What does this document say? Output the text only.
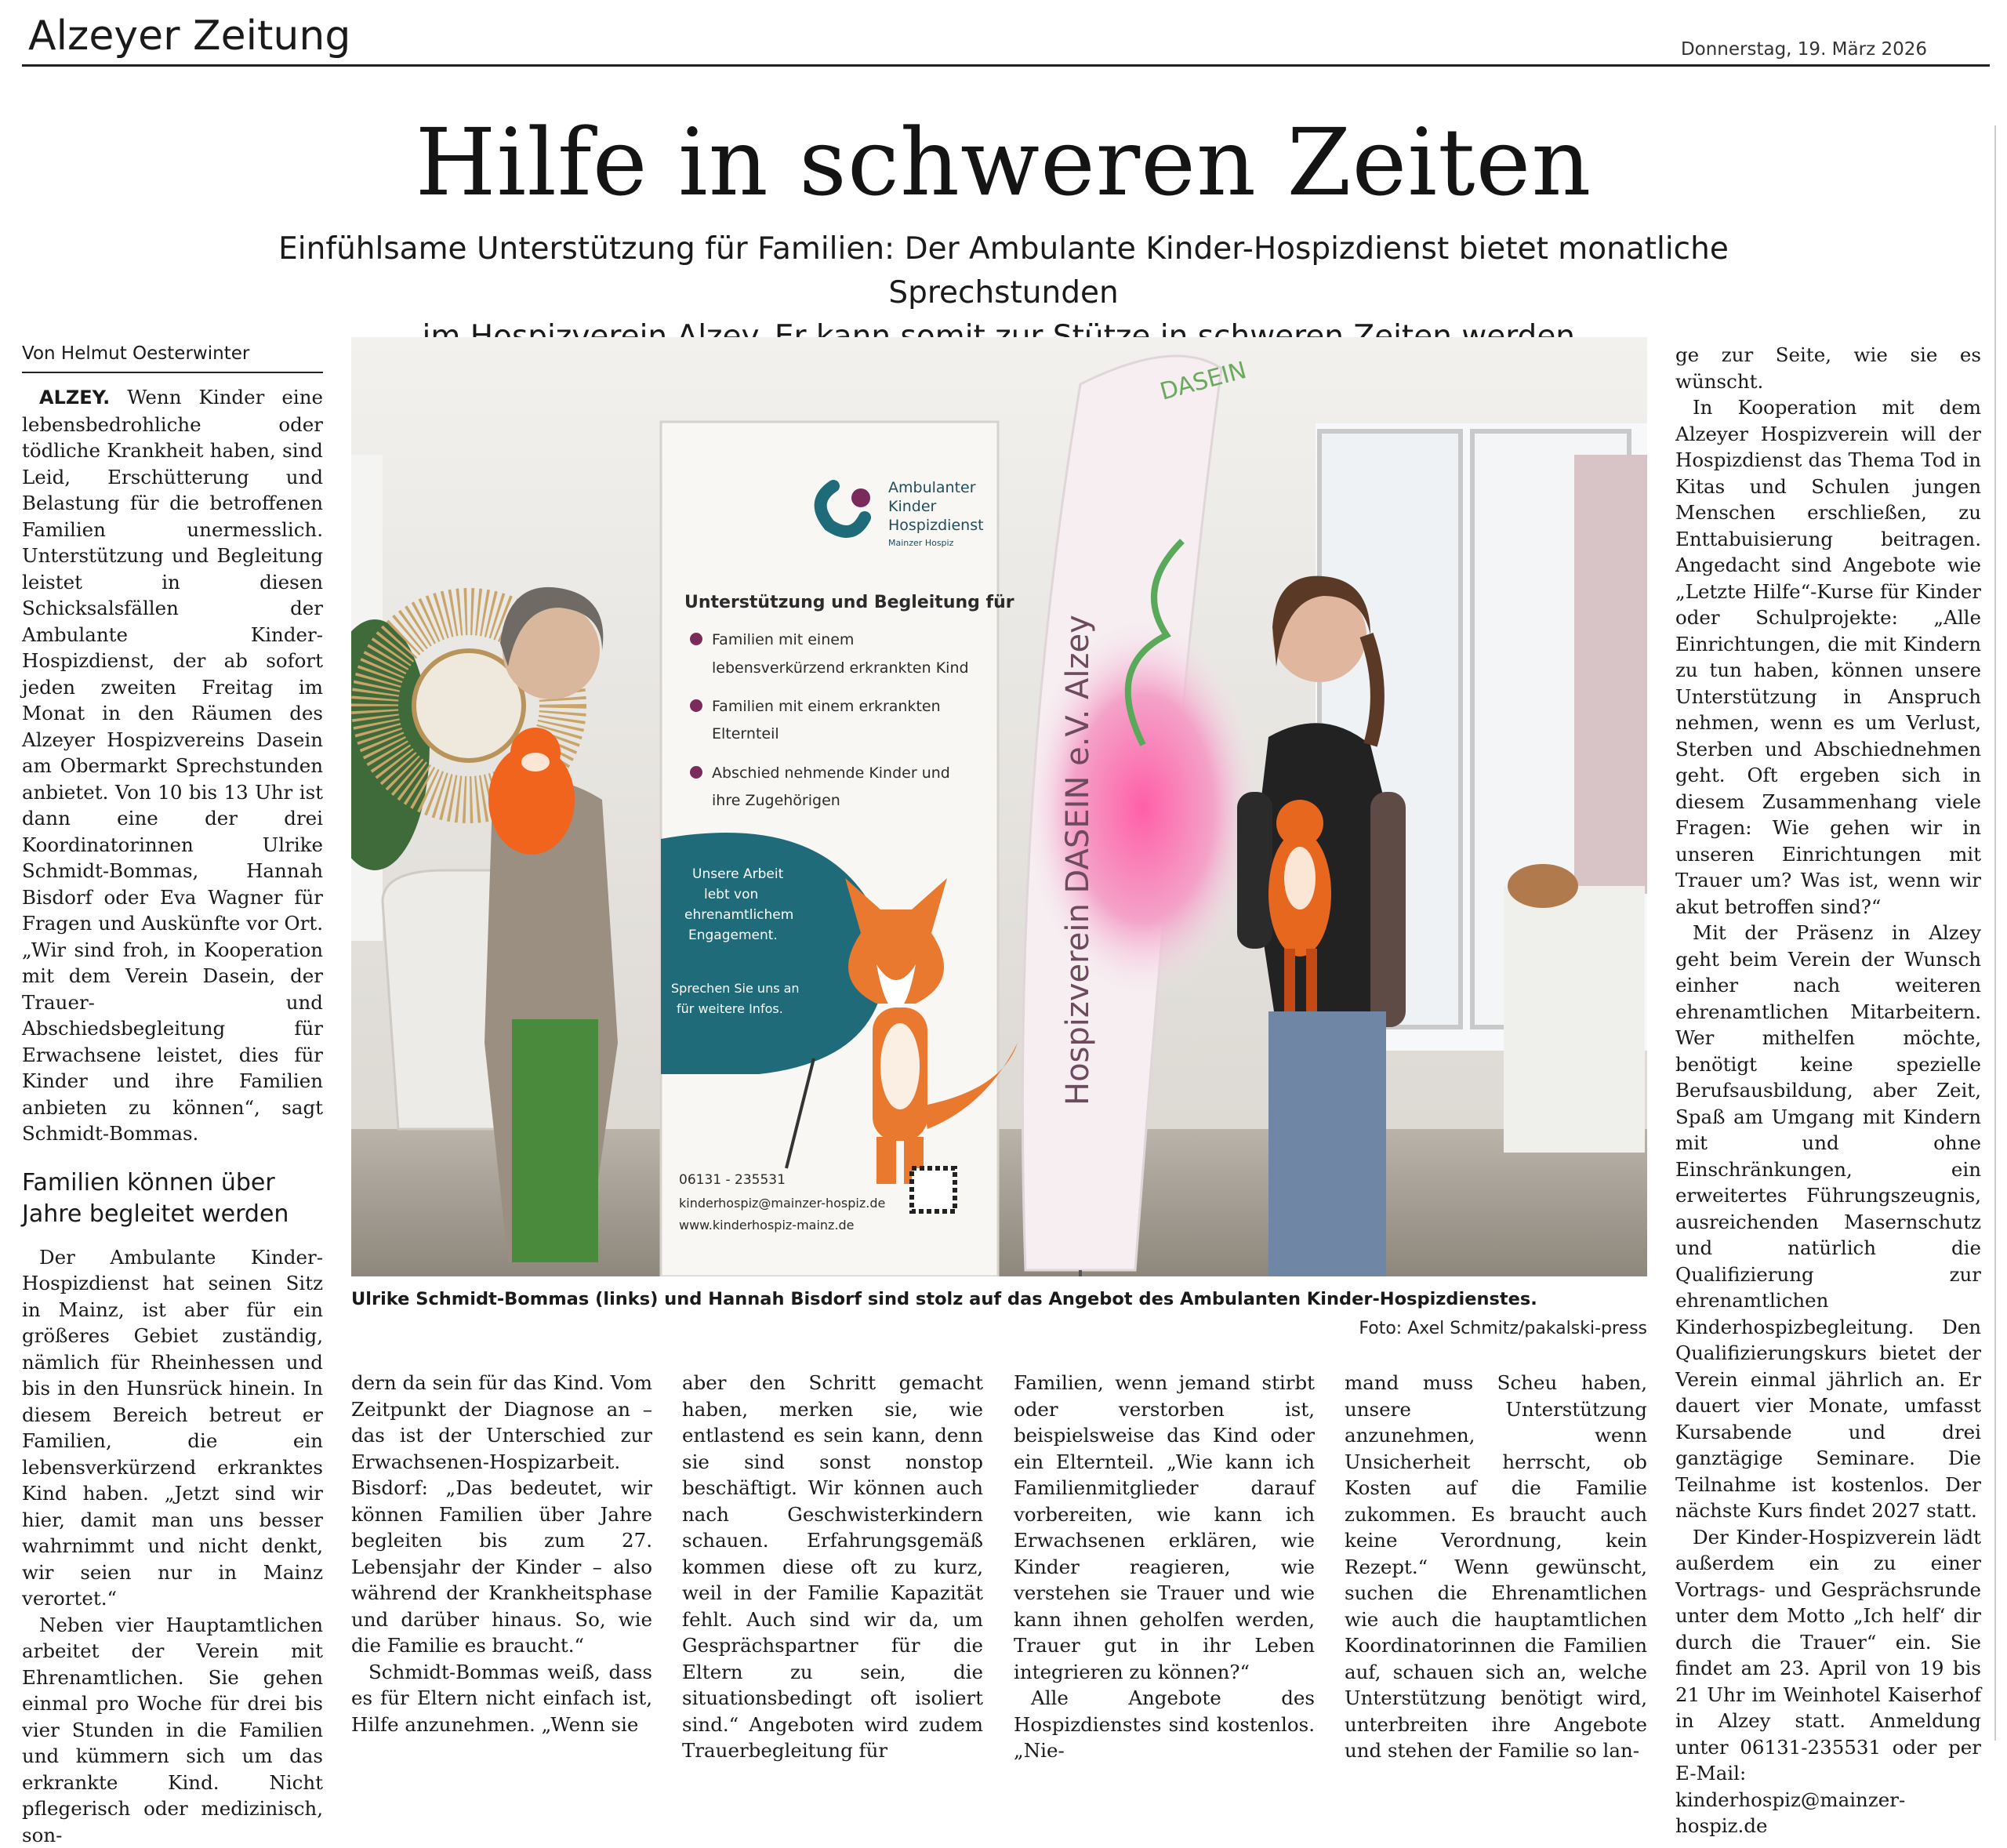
Alzeyer Zeitung	Donnerstag, 19. März 2026
Hilfe in schweren Zeiten
Einfühlsame Unterstützung für Familien: Der Ambulante Kinder-Hospizdienst bietet monatliche Sprechstunden
Von Helmut Oesterwinter

ALZEY. Wenn Kinder eine lebensbedrohliche oder tödliche Krankheit haben, sind Leid, Erschütterung und Belastung für die betroffenen Familien unermesslich. Unterstützung und Begleitung leistet in diesen Schicksalsfällen der Ambulante Kinder-Hospizdienst, der ab sofort jeden zweiten Freitag im Monat in den Räumen des Alzeyer Hospizvereins Dasein am Obermarkt Sprechstunden anbietet. Von 10 bis 13 Uhr ist dann eine der drei Koordinatorinnen Ulrike Schmidt-Bommas, Hannah Bisdorf oder Eva Wagner für Fragen und Auskünfte vor Ort. „Wir sind froh, in Kooperation mit dem Verein Dasein, der Trauer- und Abschiedsbegleitung für Erwachsene leistet, dies für Kinder und ihre Familien anbieten zu können“, sagt Schmidt-Bommas.

Familien können über Jahre begleitet werden

Der Ambulante Kinder-Hospizdienst hat seinen Sitz in Mainz, ist aber für ein größeres Gebiet zuständig, nämlich für Rheinhessen und bis in den Hunsrück hinein. In diesem Bereich betreut er Familien, die ein lebensverkürzend erkranktes Kind haben. „Jetzt sind wir hier, damit man uns besser wahrnimmt und nicht denkt, wir seien nur in Mainz verortet.“

Neben vier Hauptamtlichen arbeitet der Verein mit Ehrenamtlichen. Sie gehen einmal pro Woche für drei bis vier Stunden in die Familien und kümmern sich um das erkrankte Kind. Nicht pflegerisch oder medizinisch, son-

Ambulanter
Kinder
Hospizdienst
Mainzer Hospiz
Unterstützung und Begleitung für
Familien mit einem
lebensverkürzend erkrankten Kind
Familien mit einem erkrankten
Elternteil
Abschied nehmende Kinder und
ihre Zugehörigen
Unsere Arbeit
lebt von
ehrenamtlichem
Engagement.
Sprechen Sie uns an
für weitere Infos.
06131 - 235531
kinderhospiz@mainzer-hospiz.de
www.kinderhospiz-mainz.de
DASEIN
Hospizverein DASEIN e.V. Alzey
Ulrike Schmidt-Bommas (links) und Hannah Bisdorf sind stolz auf das Angebot des Ambulanten Kinder-Hospizdienstes.
Foto: Axel Schmitz/pakalski-press

dern da sein für das Kind. Vom Zeitpunkt der Diagnose an – das ist der Unterschied zur Erwachsenen-Hospizarbeit. Bisdorf: „Das bedeutet, wir können Familien über Jahre begleiten bis zum 27. Lebensjahr der Kinder – also während der Krankheitsphase und darüber hinaus. So, wie die Familie es braucht.“

Schmidt-Bommas weiß, dass es für Eltern nicht einfach ist, Hilfe anzunehmen. „Wenn sie

aber den Schritt gemacht haben, merken sie, wie entlastend es sein kann, denn sie sind sonst nonstop beschäftigt. Wir können auch nach Geschwisterkindern schauen. Erfahrungsgemäß kommen diese oft zu kurz, weil in der Familie Kapazität fehlt. Auch sind wir da, um Gesprächspartner für die Eltern zu sein, die situationsbedingt oft isoliert sind.“ Angeboten wird zudem Trauerbegleitung für

Familien, wenn jemand stirbt oder verstorben ist, beispielsweise das Kind oder ein Elternteil. „Wie kann ich Familienmitglieder darauf vorbereiten, wie kann ich Erwachsenen erklären, wie Kinder reagieren, wie verstehen sie Trauer und wie kann ihnen geholfen werden, Trauer gut in ihr Leben integrieren zu können?“

Alle Angebote des Hospizdienstes sind kostenlos. „Nie-

mand muss Scheu haben, unsere Unterstützung anzunehmen, wenn Unsicherheit herrscht, ob Kosten auf die Familie zukommen. Es braucht auch keine Verordnung, kein Rezept.“ Wenn gewünscht, suchen die Ehrenamtlichen wie auch die hauptamtlichen Koordinatorinnen die Familien auf, schauen sich an, welche Unterstützung benötigt wird, unterbreiten ihre Angebote und stehen der Familie so lan-

ge zur Seite, wie sie es wünscht.

In Kooperation mit dem Alzeyer Hospizverein will der Hospizdienst das Thema Tod in Kitas und Schulen jungen Menschen erschließen, zu Enttabuisierung beitragen. Angedacht sind Angebote wie „Letzte Hilfe“-Kurse für Kinder oder Schulprojekte: „Alle Einrichtungen, die mit Kindern zu tun haben, können unsere Unterstützung in Anspruch nehmen, wenn es um Verlust, Sterben und Abschiednehmen geht. Oft ergeben sich in diesem Zusammenhang viele Fragen: Wie gehen wir in unseren Einrichtungen mit Trauer um? Was ist, wenn wir akut betroffen sind?“

Mit der Präsenz in Alzey geht beim Verein der Wunsch einher nach weiteren ehrenamtlichen Mitarbeitern. Wer mithelfen möchte, benötigt keine spezielle Berufsausbildung, aber Zeit, Spaß am Umgang mit Kindern mit und ohne Einschränkungen, ein erweitertes Führungszeugnis, ausreichenden Masernschutz und natürlich die Qualifizierung zur ehrenamtlichen Kinderhospizbegleitung. Den Qualifizierungskurs bietet der Verein einmal jährlich an. Er dauert vier Monate, umfasst Kursabende und drei ganztägige Seminare. Die Teilnahme ist kostenlos. Der nächste Kurs findet 2027 statt.

Der Kinder-Hospizverein lädt außerdem ein zu einer Vortrags- und Gesprächsrunde unter dem Motto „Ich helf‘ dir durch die Trauer“ ein. Sie findet am 23. April von 19 bis 21 Uhr im Weinhotel Kaiserhof in Alzey statt. Anmeldung unter 06131-235531 oder per E-Mail: kinderhospiz@mainzer-hospiz.de
